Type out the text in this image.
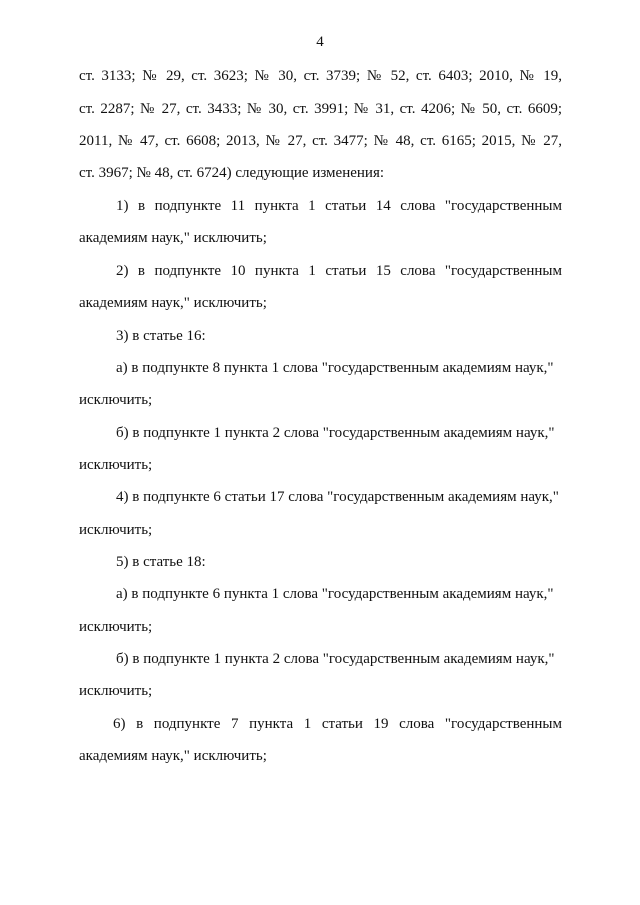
4
ст. 3133; № 29, ст. 3623; № 30, ст. 3739; № 52, ст. 6403; 2010, № 19,
ст. 2287; № 27, ст. 3433; № 30, ст. 3991; № 31, ст. 4206; № 50, ст. 6609;
2011, № 47, ст. 6608; 2013, № 27, ст. 3477; № 48, ст. 6165; 2015, № 27,
ст. 3967; № 48, ст. 6724) следующие изменения:
1) в подпункте 11 пункта 1 статьи 14 слова "государственным
академиям наук," исключить;
2) в подпункте 10 пункта 1 статьи 15 слова "государственным
академиям наук," исключить;
3) в статье 16:
а) в подпункте 8 пункта 1 слова "государственным академиям наук,"
исключить;
б) в подпункте 1 пункта 2 слова "государственным академиям наук,"
исключить;
4) в подпункте 6 статьи 17 слова "государственным академиям наук,"
исключить;
5) в статье 18:
а) в подпункте 6 пункта 1 слова "государственным академиям наук,"
исключить;
б) в подпункте 1 пункта 2 слова "государственным академиям наук,"
исключить;
6) в подпункте 7 пункта 1 статьи 19 слова "государственным
академиям наук," исключить;
